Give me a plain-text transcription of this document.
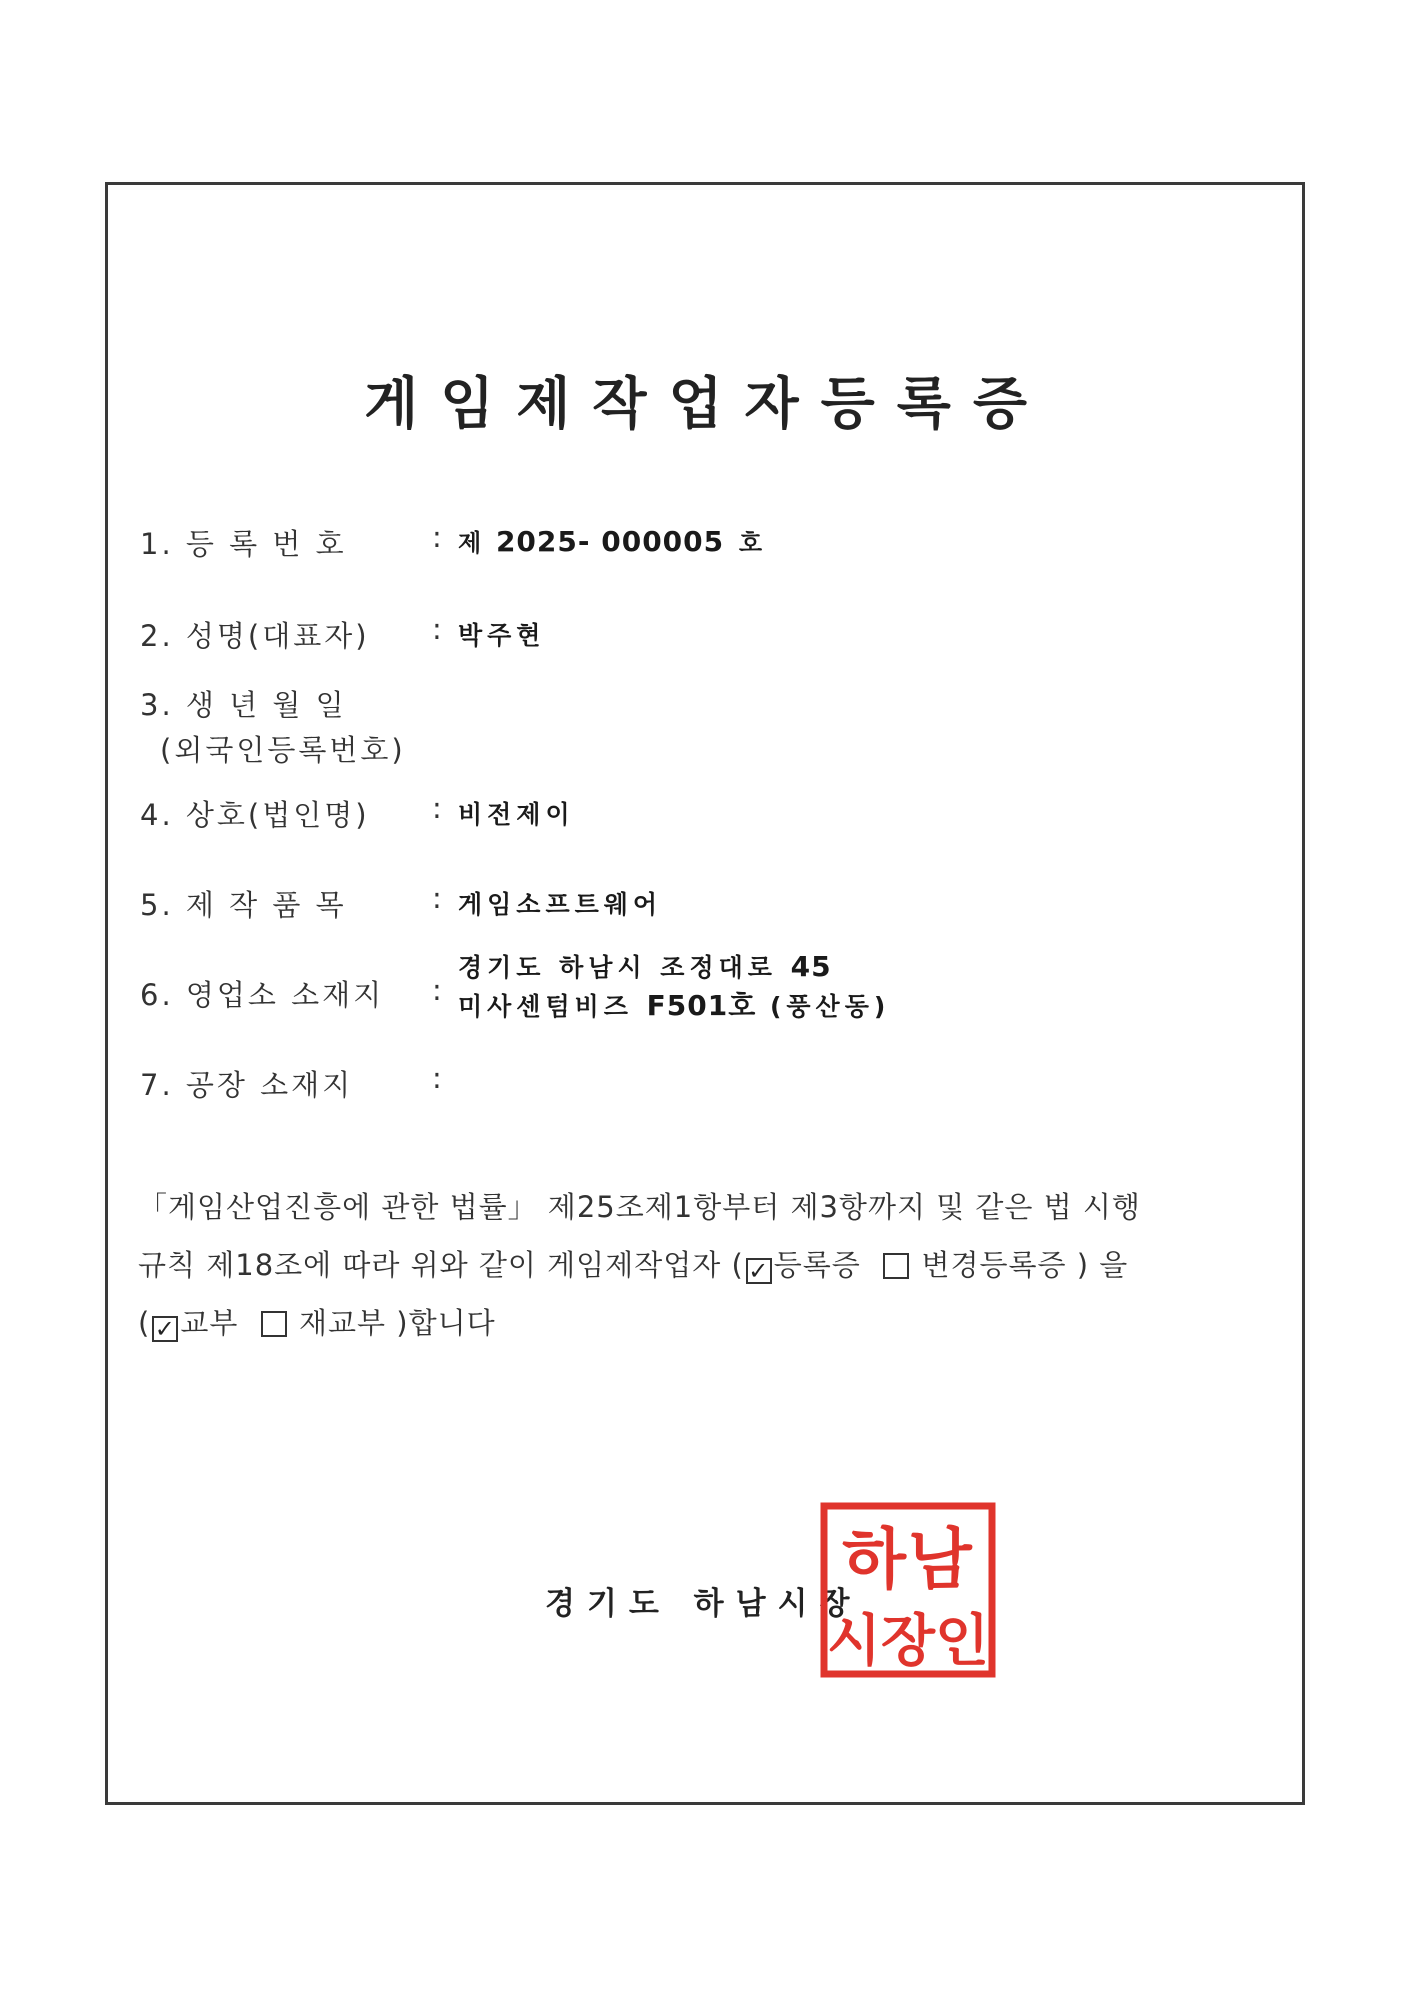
게임제작업자등록증
1. 등 록 번 호	: 제 2025- 000005 호
2. 성명(대표자) : 박주현
3. 생 년 월 일
(외국인등록번호)
4. 상호(법인명) : 비전제이
5. 제 작 품 목	: 게임소프트웨어
6. 영업소 소재지 :
경기도 하남시 조정대로 45
미사센텀비즈 F501호 (풍산동)
7. 공장 소재지	:
「게임산업진흥에 관한 법률」 제25조제1항부터 제3항까지 및 같은 법 시행
규칙 제18조에 따라 위와 같이 게임제작업자 ( ✓ 등록증 변경등록증 ) 을
( ✓ 교부 재교부 )합니다
경기도 하남시장
하남
시장인
